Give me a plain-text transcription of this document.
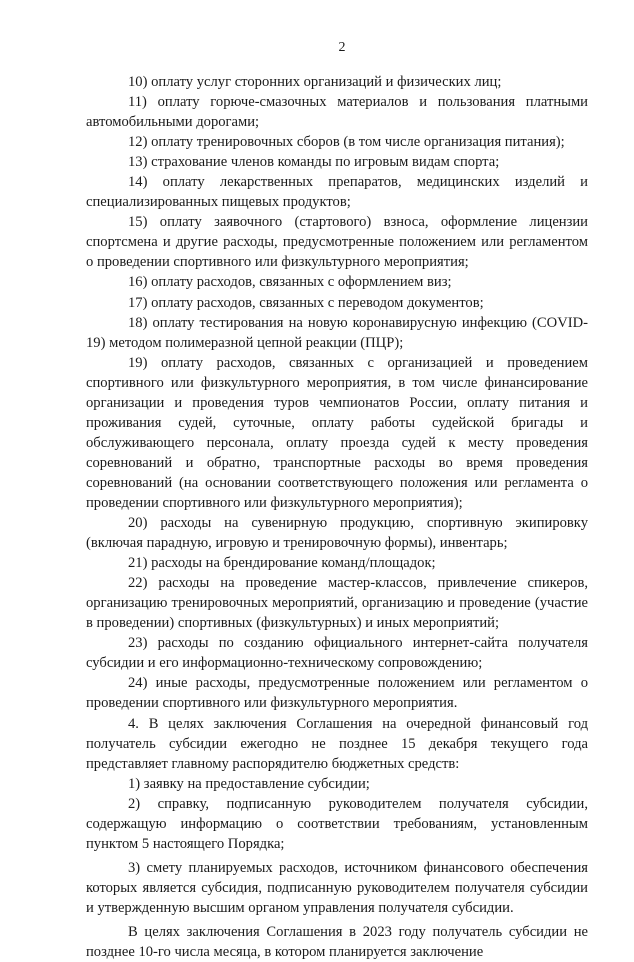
2

10) оплату услуг сторонних организаций и физических лиц;

11) оплату горюче-смазочных материалов и пользования платными автомобильными дорогами;

12) оплату тренировочных сборов (в том числе организация питания);

13) страхование членов команды по игровым видам спорта;

14) оплату лекарственных препаратов, медицинских изделий и специализированных пищевых продуктов;

15) оплату заявочного (стартового) взноса, оформление лицензии спортсмена и другие расходы, предусмотренные положением или регламентом о проведении спортивного или физкультурного мероприятия;

16) оплату расходов, связанных с оформлением виз;

17) оплату расходов, связанных с переводом документов;

18) оплату тестирования на новую коронавирусную инфекцию (COVID-19) методом полимеразной цепной реакции (ПЦР);

19) оплату расходов, связанных с организацией и проведением спортивного или физкультурного мероприятия, в том числе финансирование организации и проведения туров чемпионатов России, оплату питания и проживания судей, суточные, оплату работы судейской бригады и обслуживающего персонала, оплату проезда судей к месту проведения соревнований и обратно, транспортные расходы во время проведения соревнований (на основании соответствующего положения или регламента о проведении спортивного или физкультурного мероприятия);

20) расходы на сувенирную продукцию, спортивную экипировку (включая парадную, игровую и тренировочную формы), инвентарь;

21) расходы на брендирование команд/площадок;

22) расходы на проведение мастер-классов, привлечение спикеров, организацию тренировочных мероприятий, организацию и проведение (участие в проведении) спортивных (физкультурных) и иных мероприятий;

23) расходы по созданию официального интернет-сайта получателя субсидии и его информационно-техническому сопровождению;

24) иные расходы, предусмотренные положением или регламентом о проведении спортивного или физкультурного мероприятия.

4. В целях заключения Соглашения на очередной финансовый год получатель субсидии ежегодно не позднее 15 декабря текущего года представляет главному распорядителю бюджетных средств:

1) заявку на предоставление субсидии;

2) справку, подписанную руководителем получателя субсидии, содержащую информацию о соответствии требованиям, установленным пунктом 5 настоящего Порядка;

3) смету планируемых расходов, источником финансового обеспечения которых является субсидия, подписанную руководителем получателя субсидии и утвержденную высшим органом управления получателя субсидии.

В целях заключения Соглашения в 2023 году получатель субсидии не позднее 10-го числа месяца, в котором планируется заключение
